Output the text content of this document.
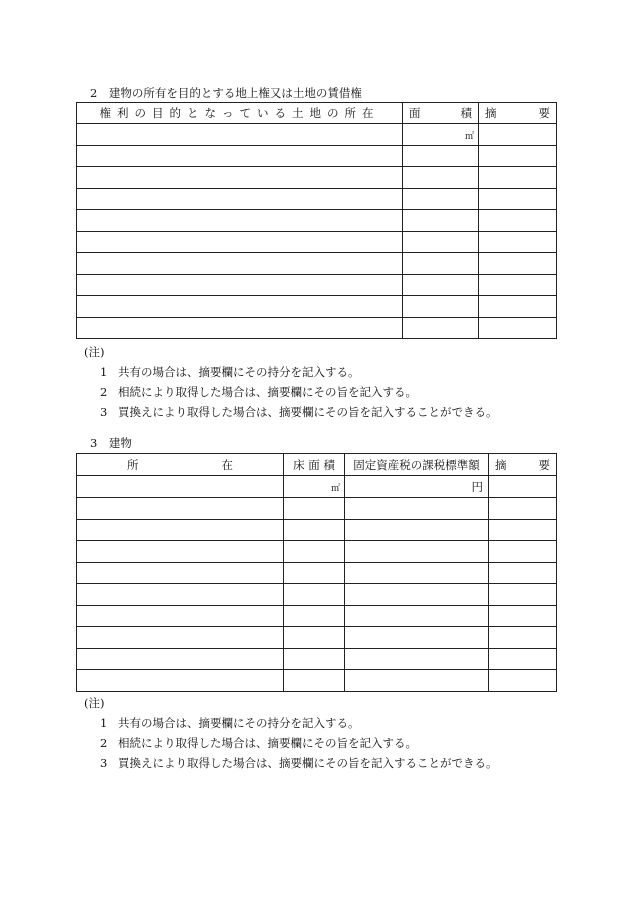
2　建物の所有を目的とする地上権又は土地の賃借権
権利の目的となっている土地の所在	面 積	摘 要

	㎡	

(注)
1 共有の場合は、摘要欄にその持分を記入する。
2 相続により取得した場合は、摘要欄にその旨を記入する。
3 買換えにより取得した場合は、摘要欄にその旨を記入することができる。
3　建物
所 在	床 面 積	固定資産税の課税標準額	摘 要

	㎡	円	

(注)
1 共有の場合は、摘要欄にその持分を記入する。
2 相続により取得した場合は、摘要欄にその旨を記入する。
3 買換えにより取得した場合は、摘要欄にその旨を記入することができる。
